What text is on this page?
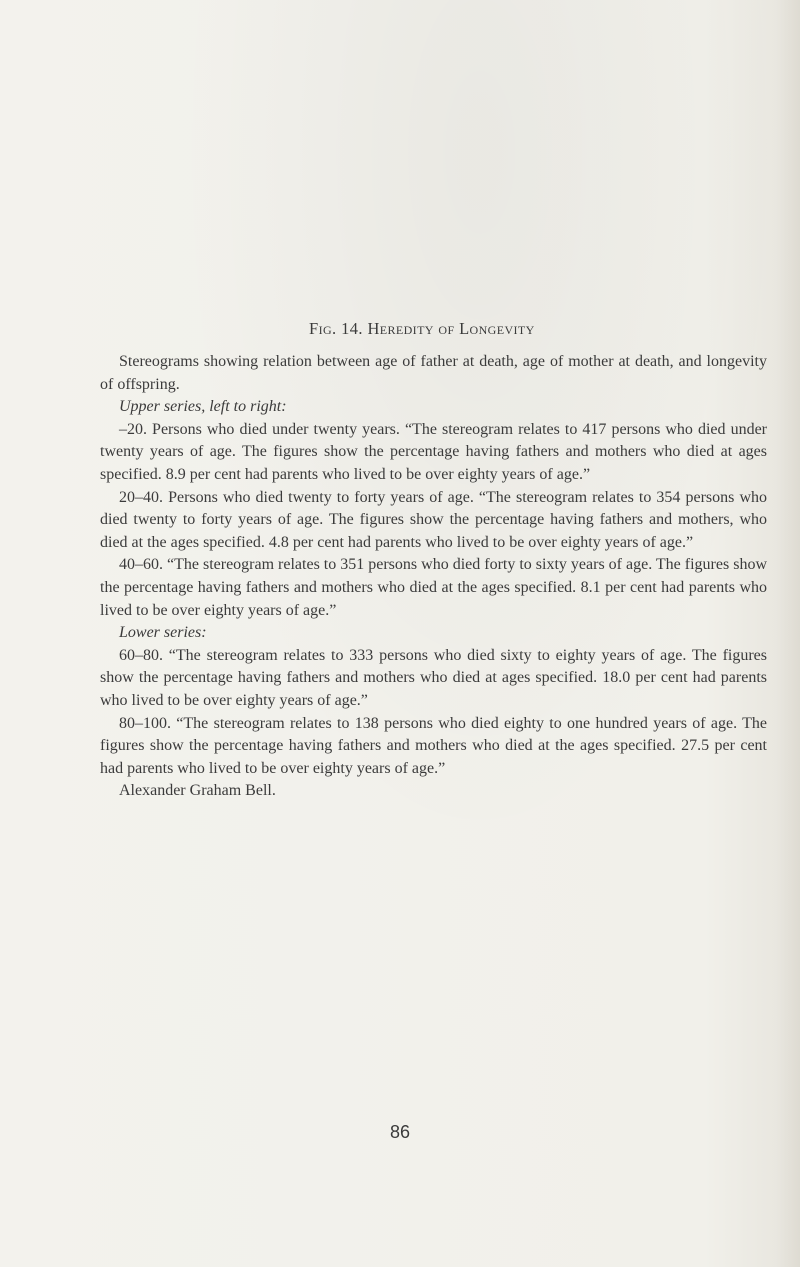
Fig. 14. Heredity of Longevity

Stereograms showing relation between age of father at death, age of mother at death, and longevity of offspring.

Upper series, left to right:

–20. Persons who died under twenty years. “The stereogram relates to 417 persons who died under twenty years of age. The figures show the percentage having fathers and mothers who died at ages specified. 8.9 per cent had parents who lived to be over eighty years of age.”

20–40. Persons who died twenty to forty years of age. “The stereogram relates to 354 persons who died twenty to forty years of age. The figures show the percentage having fathers and mothers, who died at the ages specified. 4.8 per cent had parents who lived to be over eighty years of age.”

40–60. “The stereogram relates to 351 persons who died forty to sixty years of age. The figures show the percentage having fathers and mothers who died at the ages specified. 8.1 per cent had parents who lived to be over eighty years of age.”

Lower series:

60–80. “The stereogram relates to 333 persons who died sixty to eighty years of age. The figures show the percentage having fathers and mothers who died at ages specified. 18.0 per cent had parents who lived to be over eighty years of age.”

80–100. “The stereogram relates to 138 persons who died eighty to one hundred years of age. The figures show the percentage having fathers and mothers who died at the ages specified. 27.5 per cent had parents who lived to be over eighty years of age.”

Alexander Graham Bell.

86
